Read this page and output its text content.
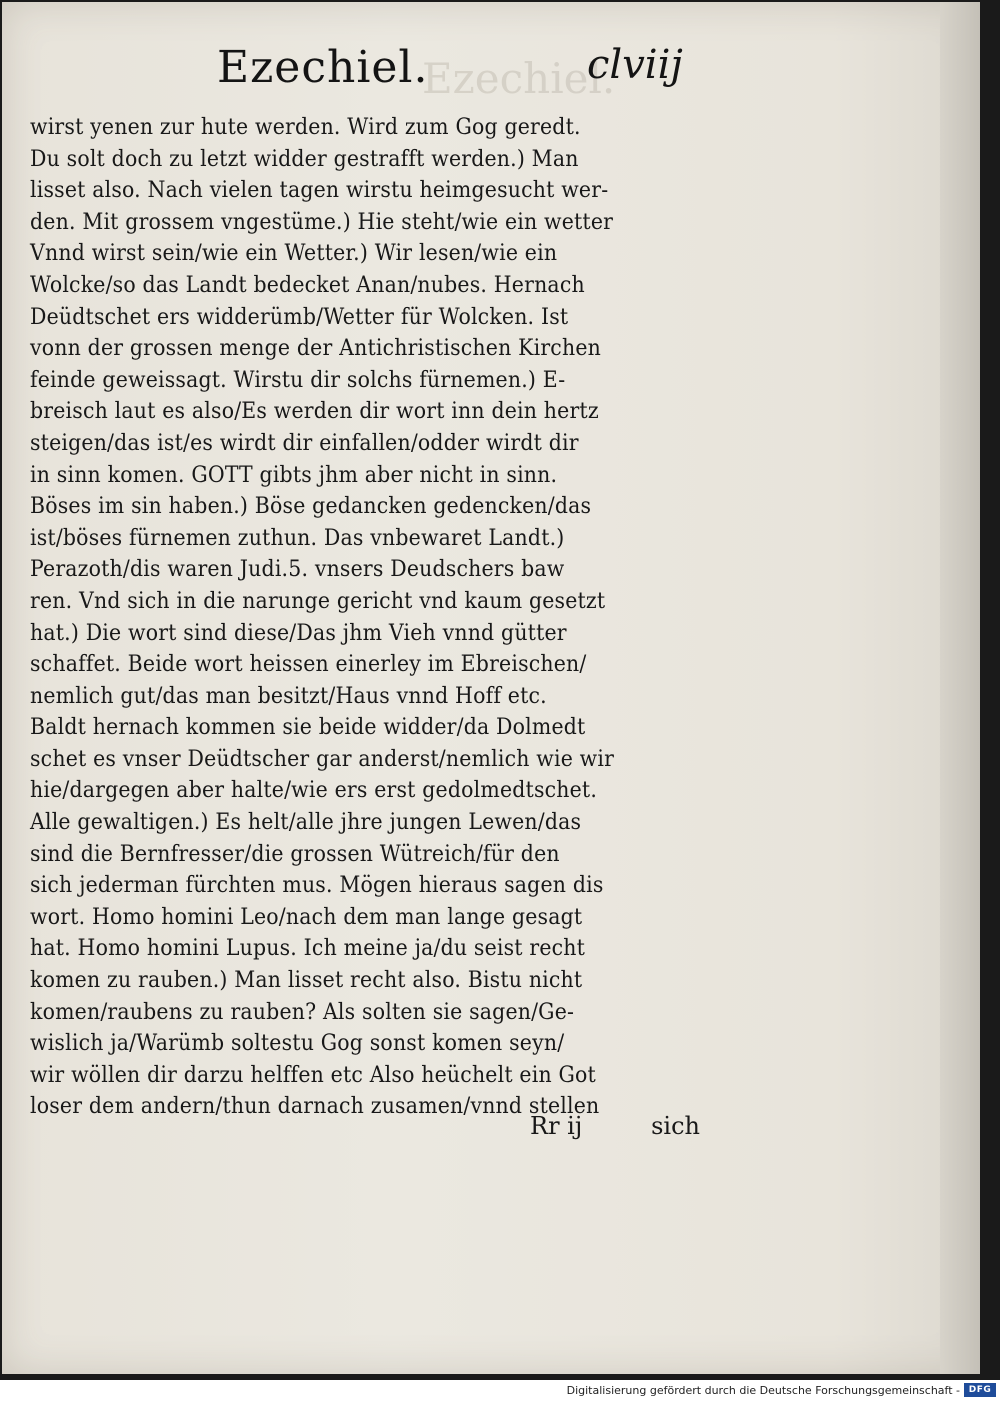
Ezechiel.
Ezechiel.	clviij
wirst yenen zur hute werden. Wird zum Gog geredt.
Du solt doch zu letzt widder gestrafft werden.) Man
lisset also. Nach vielen tagen wirstu heimgesucht wer-
den. Mit grossem vngestüme.) Hie steht/wie ein wetter
Vnnd wirst sein/wie ein Wetter.) Wir lesen/wie ein
Wolcke/so das Landt bedecket Anan/nubes. Hernach
Deüdtschet ers widderümb/Wetter für Wolcken. Ist
vonn der grossen menge der Antichristischen Kirchen
feinde geweissagt. Wirstu dir solchs fürnemen.) E-
breisch laut es also/Es werden dir wort inn dein hertz
steigen/das ist/es wirdt dir einfallen/odder wirdt dir
in sinn komen. GOTT gibts jhm aber nicht in sinn.
Böses im sin haben.) Böse gedancken gedencken/das
ist/böses fürnemen zuthun. Das vnbewaret Landt.)
Perazoth/dis waren Judi.5. vnsers Deudschers baw
ren. Vnd sich in die narunge gericht vnd kaum gesetzt
hat.) Die wort sind diese/Das jhm Vieh vnnd gütter
schaffet. Beide wort heissen einerley im Ebreischen/
nemlich gut/das man besitzt/Haus vnnd Hoff etc.
Baldt hernach kommen sie beide widder/da Dolmedt
schet es vnser Deüdtscher gar anderst/nemlich wie wir
hie/dargegen aber halte/wie ers erst gedolmedtschet.
Alle gewaltigen.) Es helt/alle jhre jungen Lewen/das
sind die Bernfresser/die grossen Wütreich/für den
sich jederman fürchten mus. Mögen hieraus sagen dis
wort. Homo homini Leo/nach dem man lange gesagt
hat. Homo homini Lupus. Ich meine ja/du seist recht
komen zu rauben.) Man lisset recht also. Bistu nicht
komen/raubens zu rauben? Als solten sie sagen/Ge-
wislich ja/Warümb soltestu Gog sonst komen seyn/
wir wöllen dir darzu helffen etc Also heüchelt ein Got
loser dem andern/thun darnach zusamen/vnnd stellen
Rr ij	sich
Digitalisierung gefördert durch die Deutsche Forschungsgemeinschaft - DFG
